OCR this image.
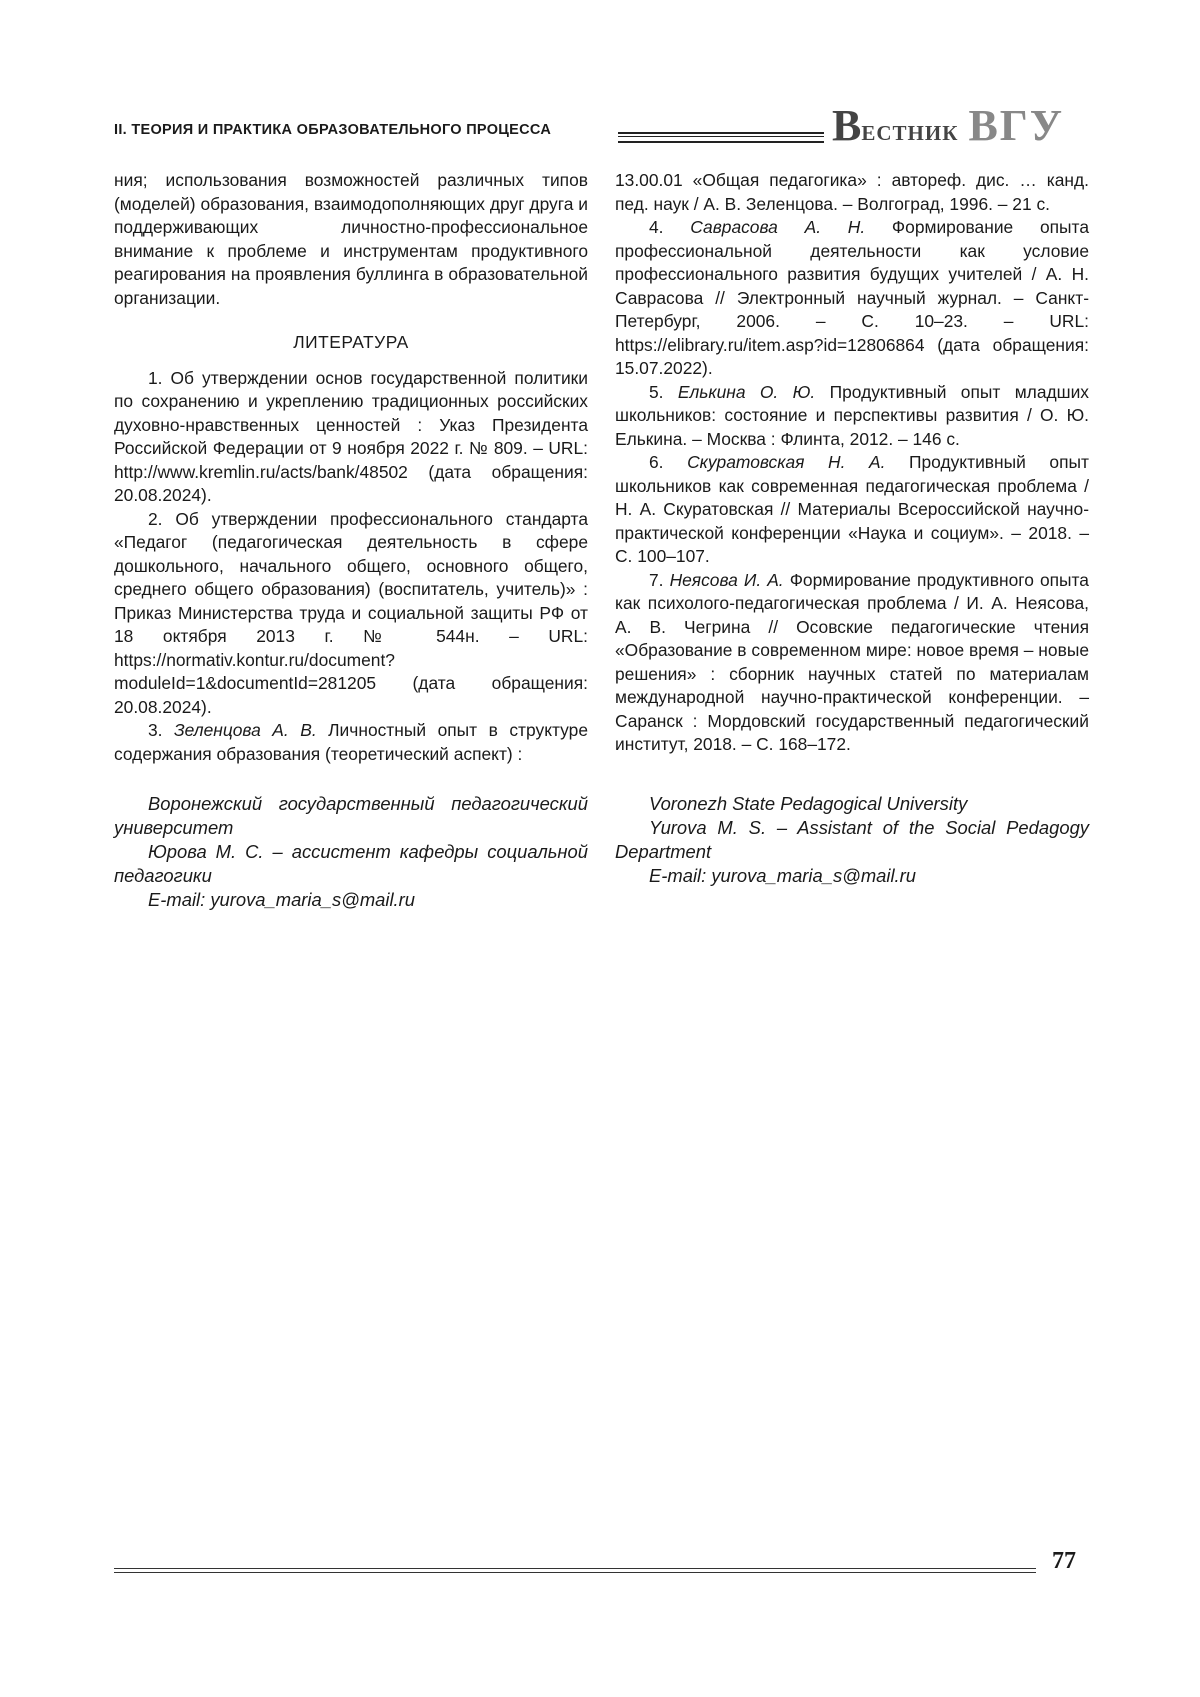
II. ТЕОРИЯ И ПРАКТИКА ОБРАЗОВАТЕЛЬНОГО ПРОЦЕССА	Вестник ВГУ

ния; использования возможностей различных типов (моделей) образования, взаимодополняющих друг друга и поддерживающих личностно-профессиональное внимание к проблеме и инструментам продуктивного реагирования на проявления буллинга в образовательной организации.

ЛИТЕРАТУРА

1. Об утверждении основ государственной политики по сохранению и укреплению традиционных российских духовно-нравственных ценностей : Указ Президента Российской Федерации от 9 ноября 2022 г. № 809. – URL: http://www.kremlin.ru/acts/bank/48502 (дата обращения: 20.08.2024).

2. Об утверждении профессионального стандарта «Педагог (педагогическая деятельность в сфере дошкольного, начального общего, основного общего, среднего общего образования) (воспитатель, учитель)» : Приказ Министерства труда и социальной защиты РФ от 18 октября 2013 г. № 544н. – URL: https://normativ.kontur.ru/document?moduleId=1&documentId=281205 (дата обращения: 20.08.2024).

3. Зеленцова А. В. Личностный опыт в структуре содержания образования (теоретический аспект) :

13.00.01 «Общая педагогика» : автореф. дис. … канд. пед. наук / А. В. Зеленцова. – Волгоград, 1996. – 21 с.

4. Саврасова А. Н. Формирование опыта профессиональной деятельности как условие профессионального развития будущих учителей / А. Н. Саврасова // Электронный научный журнал. – Санкт-Петербург, 2006. – С. 10–23. – URL: https://elibrary.ru/item.asp?id=12806864 (дата обращения: 15.07.2022).

5. Елькина О. Ю. Продуктивный опыт младших школьников: состояние и перспективы развития / О. Ю. Елькина. – Москва : Флинта, 2012. – 146 с.

6. Скуратовская Н. А. Продуктивный опыт школьников как современная педагогическая проблема / Н. А. Скуратовская // Материалы Всероссийской научно-практической конференции «Наука и социум». – 2018. – С. 100–107.

7. Неясова И. А. Формирование продуктивного опыта как психолого-педагогическая проблема / И. А. Неясова, А. В. Чегрина // Осовские педагогические чтения «Образование в современном мире: новое время – новые решения» : сборник научных статей по материалам международной научно-практической конференции. – Саранск : Мордовский государственный педагогический институт, 2018. – С. 168–172.

Воронежский государственный педагогический университет

Юрова М. С. – ассистент кафедры социальной педагогики

E-mail: yurova_maria_s@mail.ru

Voronezh State Pedagogical University

Yurova M. S. – Assistant of the Social Pedagogy Department

E-mail: yurova_maria_s@mail.ru

77
